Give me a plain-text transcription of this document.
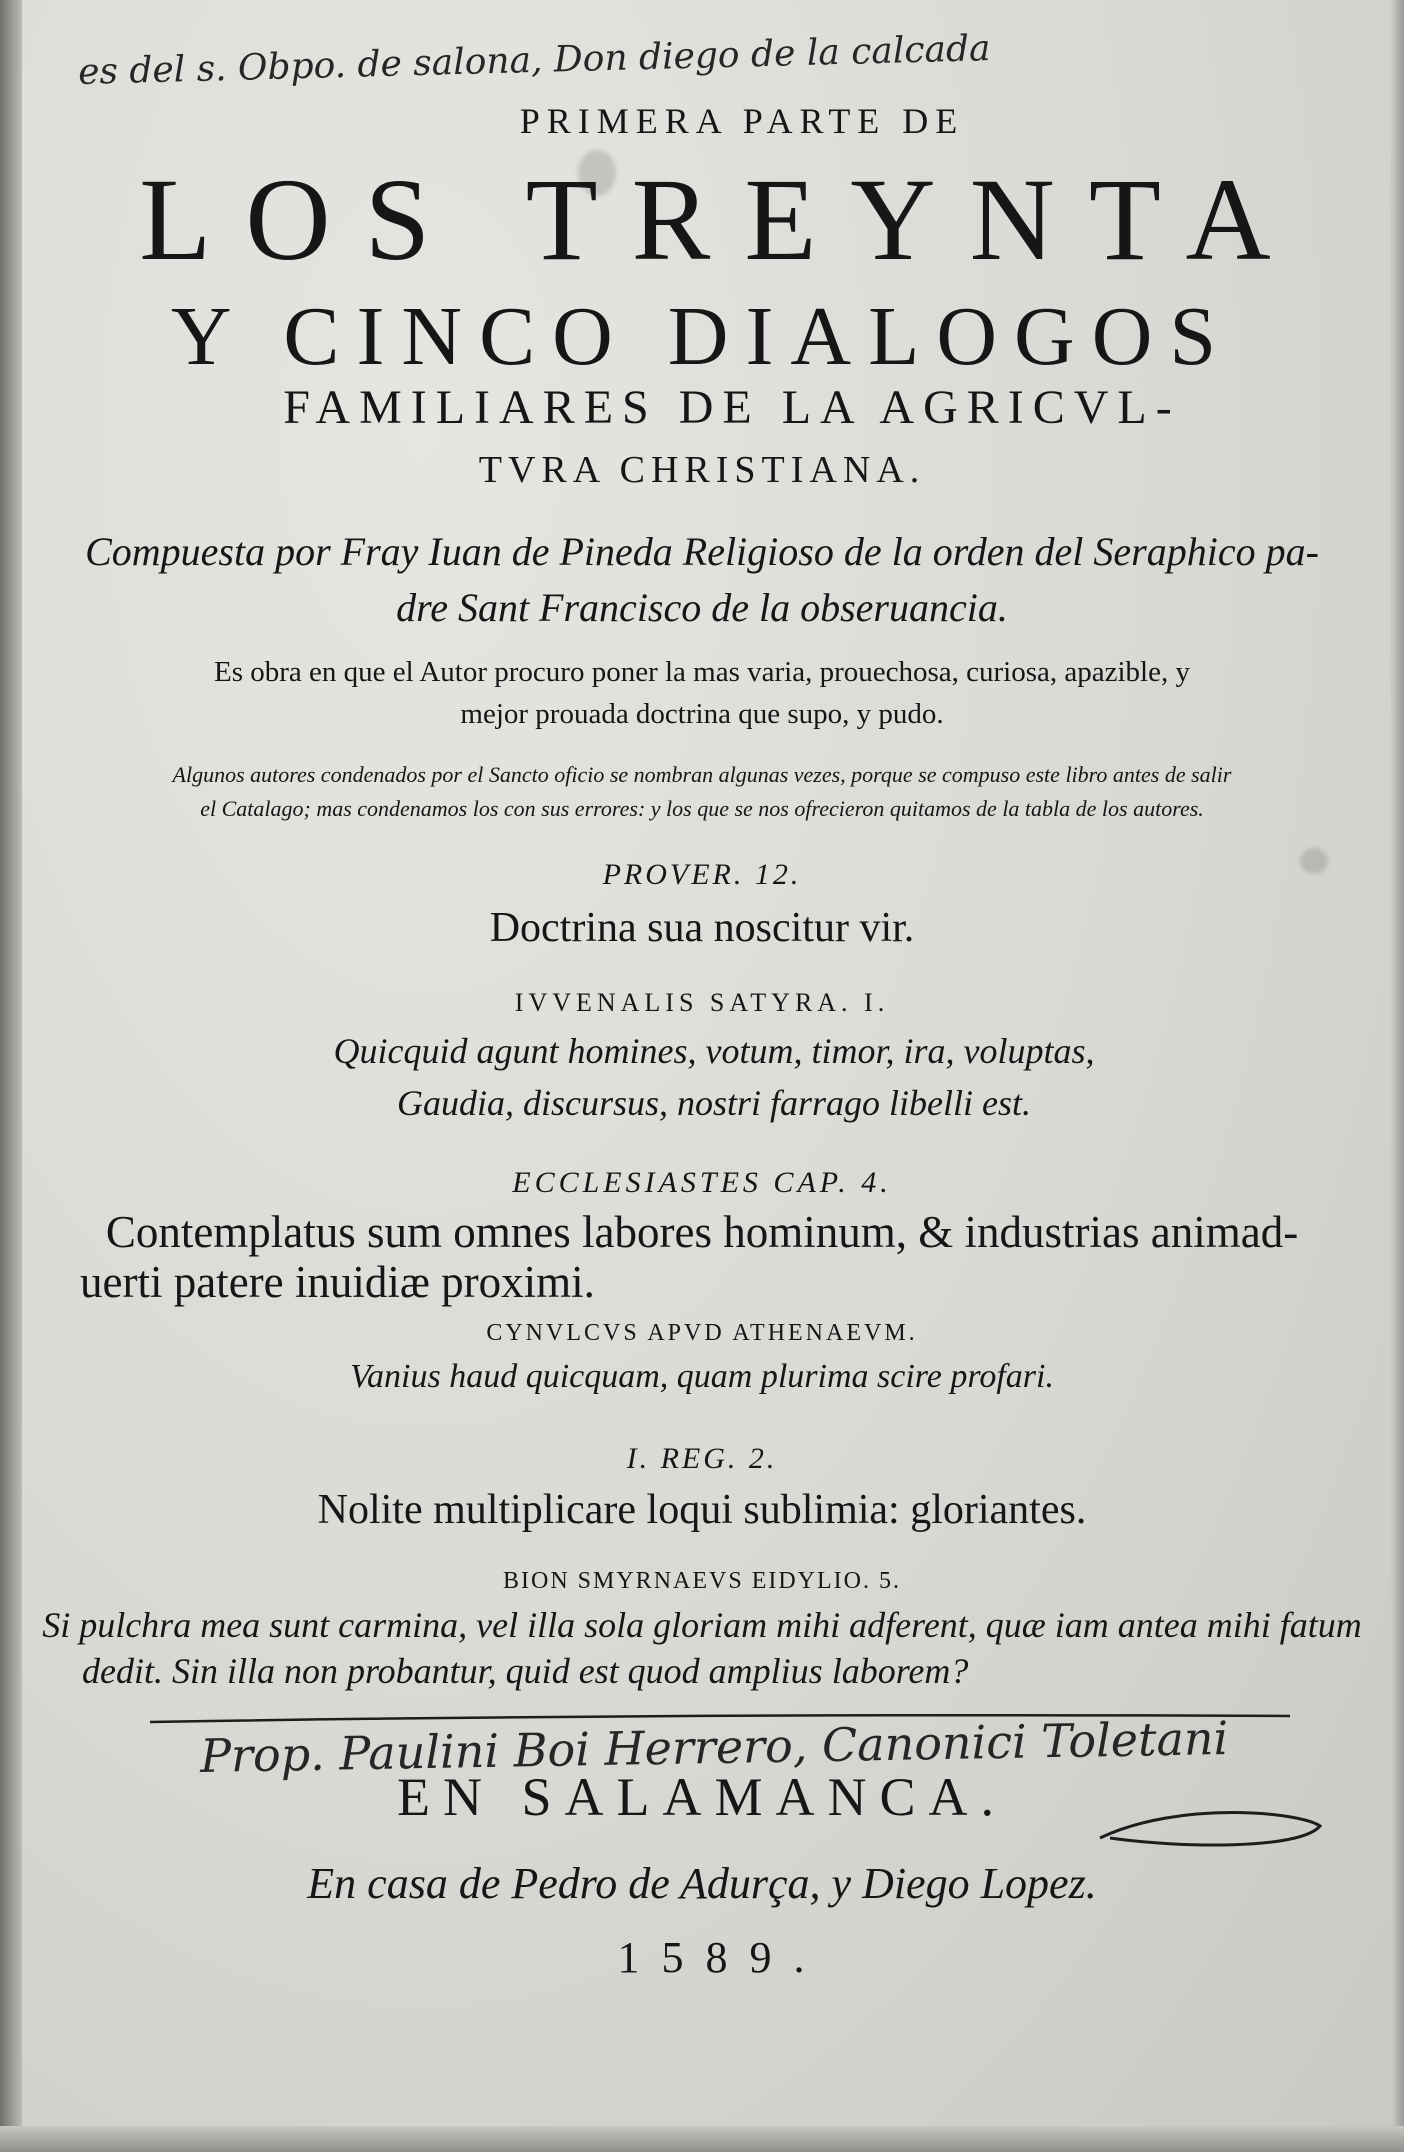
es del s. Obpo. de salona, Don diego de la calcada
PRIMERA PARTE DE
LOS TREYNTA
Y CINCO DIALOGOS
FAMILIARES DE LA AGRICVL-
TVRA CHRISTIANA.
Compuesta por Fray Iuan de Pineda Religioso de la orden del Seraphico pa-
dre Sant Francisco de la obseruancia.
Es obra en que el Autor procuro poner la mas varia, prouechosa, curiosa, apazible, y
mejor prouada doctrina que supo, y pudo.
Algunos autores condenados por el Sancto oficio se nombran algunas vezes, porque se compuso este libro antes de salir
el Catalago; mas condenamos los con sus errores: y los que se nos ofrecieron quitamos de la tabla de los autores.
PROVER. 12.
Doctrina sua noscitur vir.
IVVENALIS SATYRA. I.
Quicquid agunt homines, votum, timor, ira, voluptas,
Gaudia, discursus, nostri farrago libelli est.
ECCLESIASTES CAP. 4.
Contemplatus sum omnes labores hominum, & industrias animad-
uerti patere inuidiæ proximi.
CYNVLCVS APVD ATHENAEVM.
Vanius haud quicquam, quam plurima scire profari.
I. REG. 2.
Nolite multiplicare loqui sublimia: gloriantes.
BION SMYRNAEVS EIDYLIO. 5.
Si pulchra mea sunt carmina, vel illa sola gloriam mihi adferent, quæ iam antea mihi fatum
dedit. Sin illa non probantur, quid est quod amplius laborem?
Prop. Paulini Boi Herrero, Canonici Toletani
EN SALAMANCA.
En casa de Pedro de Adurça, y Diego Lopez.
1589.
